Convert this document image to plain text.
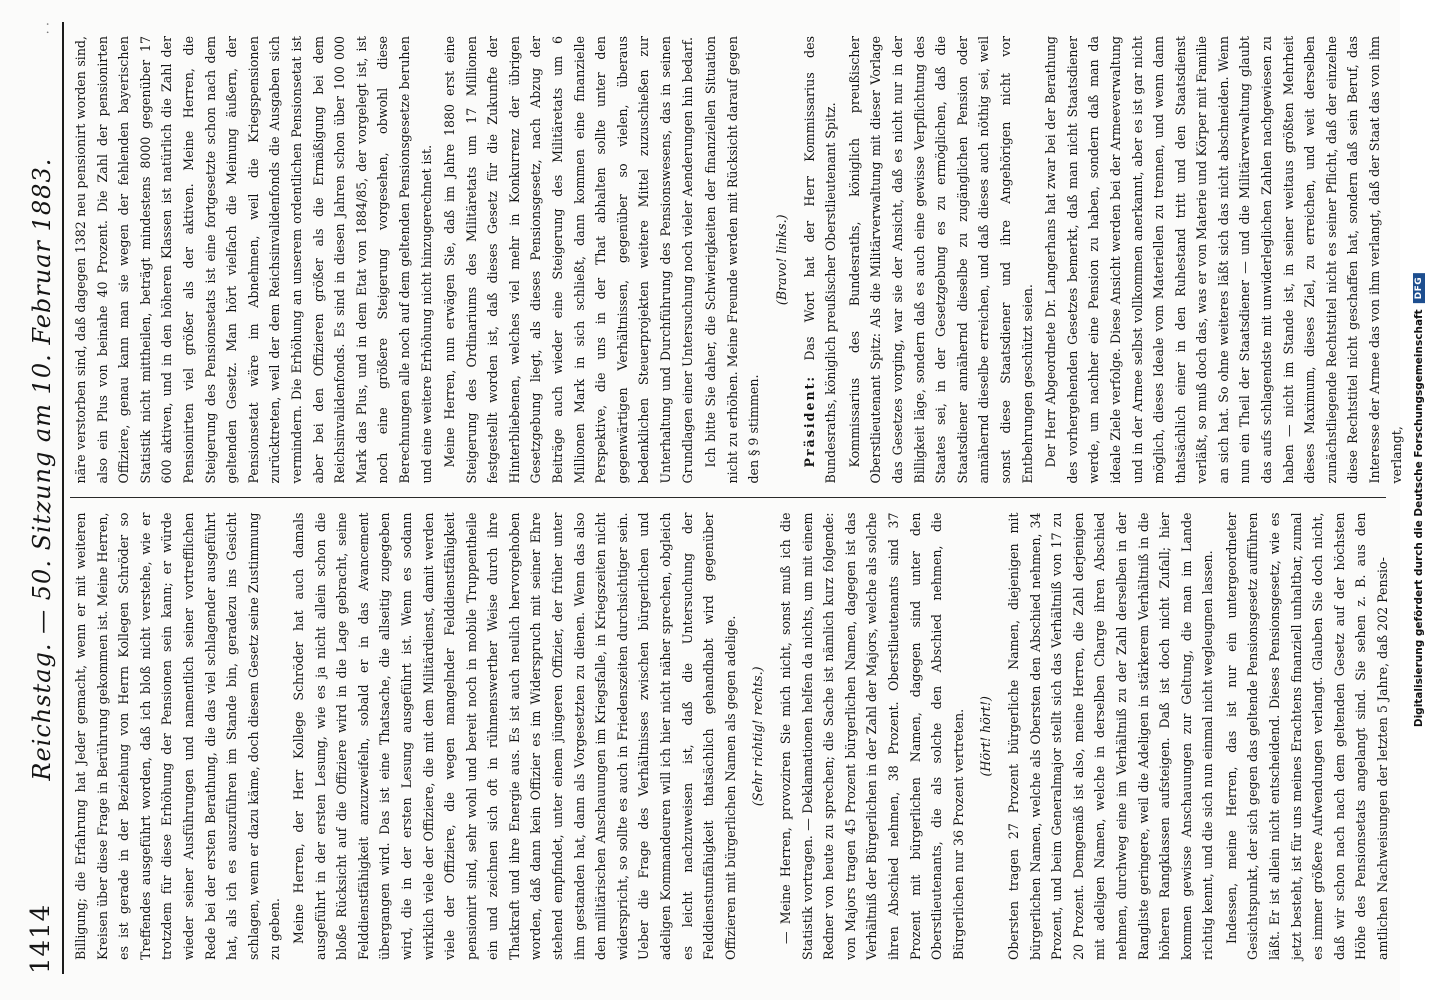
1414
Reichstag. — 50. Sitzung am 10. Februar 1883.
· ·

Billigung; die Erfahrung hat Jeder gemacht, wenn er mit weiteren Kreisen über diese Frage in Berührung gekommen ist. Meine Herren, es ist gerade in der Beziehung von Herrn Kollegen Schröder so Treffendes ausgeführt worden, daß ich bloß nicht verstehe, wie er trotzdem für diese Erhöhung der Pensionen sein kann; er würde wieder seiner Ausführungen und namentlich seiner vortrefflichen Rede bei der ersten Berathung, die das viel schlagender ausgeführt hat, als ich es auszuführen im Stande bin, geradezu ins Gesicht schlagen, wenn er dazu käme, doch diesem Gesetz seine Zustimmung zu geben. Meine Herren, der Herr Kollege Schröder hat auch damals ausgeführt in der ersten Lesung, wie es ja nicht allein schon die bloße Rücksicht auf die Offiziere wird in die Lage gebracht, seine Felddienstfähigkeit anzuzweifeln, sobald er in das Avancement übergangen wird. Das ist eine Thatsache, die allseitig zugegeben wird, die in der ersten Lesung ausgeführt ist. Wenn es sodann wirklich viele der Offiziere, die mit dem Militärdienst, damit werden viele der Offiziere, die wegen mangelnder Felddienstfähigkeit pensionirt sind, sehr wohl und bereit noch in mobile Truppentheile ein und zeichnen sich oft in rühmenswerther Weise durch ihre Thatkraft und ihre Energie aus. Es ist auch neulich hervorgehoben worden, daß dann kein Offizier es im Widerspruch mit seiner Ehre stehend empfindet, unter einem jüngeren Offizier, der früher unter ihm gestanden hat, dann als Vorgesetzten zu dienen. Wenn das also den militärischen Anschauungen im Kriegsfalle, in Kriegszeiten nicht widerspricht, so sollte es auch in Friedenszeiten durchsichtiger sein. Ueber die Frage des Verhältnisses zwischen bürgerlichen und adeligen Kommandeuren will ich hier nicht näher sprechen, obgleich es leicht nachzuweisen ist, daß die Untersuchung der Felddienstunfähigkeit thatsächlich gehandhabt wird gegenüber Offizieren mit bürgerlichen Namen als gegen adelige. (Sehr richtig! rechts.) — Meine Herren, provoziren Sie mich nicht, sonst muß ich die Statistik vortragen. — Deklamationen helfen da nichts, um mit einem Redner von heute zu sprechen; die Sache ist nämlich kurz folgende: von Majors tragen 45 Prozent bürgerlichen Namen, dagegen ist das Verhältniß der Bürgerlichen in der Zahl der Majors, welche als solche ihren Abschied nehmen, 38 Prozent. Oberstlieutenants sind 37 Prozent mit bürgerlichen Namen, dagegen sind unter den Oberstlieutenants, die als solche den Abschied nehmen, die Bürgerlichen nur 36 Prozent vertreten. (Hört! hört!) Obersten tragen 27 Prozent bürgerliche Namen, diejenigen mit bürgerlichen Namen, welche als Obersten den Abschied nehmen, 34 Prozent, und beim Generalmajor stellt sich das Verhältniß von 17 zu 20 Prozent. Demgemäß ist also, meine Herren, die Zahl derjenigen mit adeligen Namen, welche in derselben Charge ihren Abschied nehmen, durchweg eine im Verhältniß zu der Zahl derselben in der Rangliste geringere, weil die Adeligen in stärkerem Verhältniß in die höheren Rangklassen aufsteigen. Daß ist doch nicht Zufall; hier kommen gewisse Anschauungen zur Geltung, die man im Lande richtig kennt, und die sich nun einmal nicht wegleugnen lassen. Indessen, meine Herren, das ist nur ein untergeordneter Gesichtspunkt, der sich gegen das geltende Pensionsgesetz aufführen läßt. Er ist allein nicht entscheidend. Dieses Pensionsgesetz, wie es jetzt besteht, ist für uns meines Erachtens finanziell unhaltbar, zumal es immer größere Aufwendungen verlangt. Glauben Sie doch nicht, daß wir schon nach nach dem geltenden Gesetz auf der höchsten Höhe des Pensionsetats angelangt sind. Sie sehen z. B. aus den amtlichen Nachweisungen der letzten 5 Jahre, daß 202 Pensio-

näre verstorben sind, daß dagegen 1382 neu pensionirt worden sind, also ein Plus von beinahe 40 Prozent. Die Zahl der pensionirten Offiziere, genau kann man sie wegen der fehlenden bayerischen Statistik nicht mittheilen, beträgt mindestens 8000 gegenüber 17 600 aktiven, und in den höheren Klassen ist natürlich die Zahl der Pensionirten viel größer als der aktiven. Meine Herren, die Steigerung des Pensionsetats ist eine fortgesetzte schon nach dem geltenden Gesetz. Man hört vielfach die Meinung äußern, der Pensionsetat wäre im Abnehmen, weil die Kriegspensionen zurücktreten, weil der dem Reichsinvalidenfonds die Ausgaben sich vermindern. Die Erhöhung an unserem ordentlichen Pensionsetat ist aber bei den Offizieren größer als die Ermäßigung bei dem Reichsinvalidenfonds. Es sind in diesen Jahren schon über 100 000 Mark das Plus, und in dem Etat von 1884/85, der vorgelegt ist, ist noch eine größere Steigerung vorgesehen, obwohl diese Berechnungen alle noch auf dem geltenden Pensionsgesetze beruhen und eine weitere Erhöhung nicht hinzugerechnet ist. Meine Herren, nun erwägen Sie, daß im Jahre 1880 erst eine Steigerung des Ordinariums des Militäretats um 17 Millionen festgestellt worden ist, daß dieses Gesetz für die Zukunfte der Hinterbliebenen, welches viel mehr in Konkurrenz der übrigen Gesetzgebung liegt, als dieses Pensionsgesetz, nach Abzug der Beiträge auch wieder eine Steigerung des Militäretats um 6 Millionen Mark in sich schließt, dann kommen eine finanzielle Perspektive, die uns in der That abhalten sollte unter den gegenwärtigen Verhältnissen, gegenüber so vielen, überaus bedenklichen Steuerprojekten weitere Mittel zuzuschießen zur Unterhaltung und Durchführung des Pensionswesens, das in seinen Grundlagen einer Untersuchung noch vieler Aenderungen hin bedarf. Ich bitte Sie daher, die Schwierigkeiten der finanziellen Situation nicht zu erhöhen. Meine Freunde werden mit Rücksicht darauf gegen den § 9 stimmen.

(Bravo! links.)

Präsident: Das Wort hat der Herr Kommissarius des Bundesraths, königlich preußischer Oberstlieutenant Spitz. Kommissarius des Bundesraths, königlich preußischer Oberstlieutenant Spitz: Als die Militärverwaltung mit dieser Vorlage das Gesetzes vorging, war sie der Ansicht, daß es nicht nur in der Billigkeit läge, sondern daß es auch eine gewisse Verpflichtung des Staates sei, in der Gesetzgebung es zu ermöglichen, daß die Staatsdiener annähernd dieselbe zu zugänglichen Pension oder annähernd dieselbe erreichen, und daß dieses auch nöthig sei, weil sonst diese Staatsdiener und ihre Angehörigen nicht vor Entbehrungen geschützt seien. Der Herr Abgeordnete Dr. Langerhans hat zwar bei der Berathung des vorhergehenden Gesetzes bemerkt, daß man nicht Staatsdiener werde, um nachher eine Pension zu haben, sondern daß man da ideale Ziele verfolge. Diese Ansicht werden bei der Armeeverwaltung und in der Armee selbst vollkommen anerkannt, aber es ist gar nicht möglich, dieses Ideale vom Materiellen zu trennen, und wenn dann thatsächlich einer in den Ruhestand tritt und den Staatsdienst verläßt, so muß doch das, was er von Materie und Körper mit Familie an sich hat. So ohne weiteres läßt sich das nicht abschneiden. Wenn nun ein Theil der Staatsdiener — und die Militärverwaltung glaubt das aufs schlagendste mit unwiderleglichen Zahlen nachgewiesen zu haben — nicht im Stande ist, in seiner weitaus größten Mehrheit dieses Maximum, dieses Ziel, zu erreichen, und weit derselben zunächstliegende Rechtstitel nicht es seiner Pflicht, daß der einzelne diese Rechtstitel nicht geschaffen hat, sondern daß sein Beruf, das Interesse der Armee das von ihm verlangt, daß der Staat das von ihm verlangt, Digitalisierung gefördert durch die Deutsche Forschungsgemeinschaft
DFG
